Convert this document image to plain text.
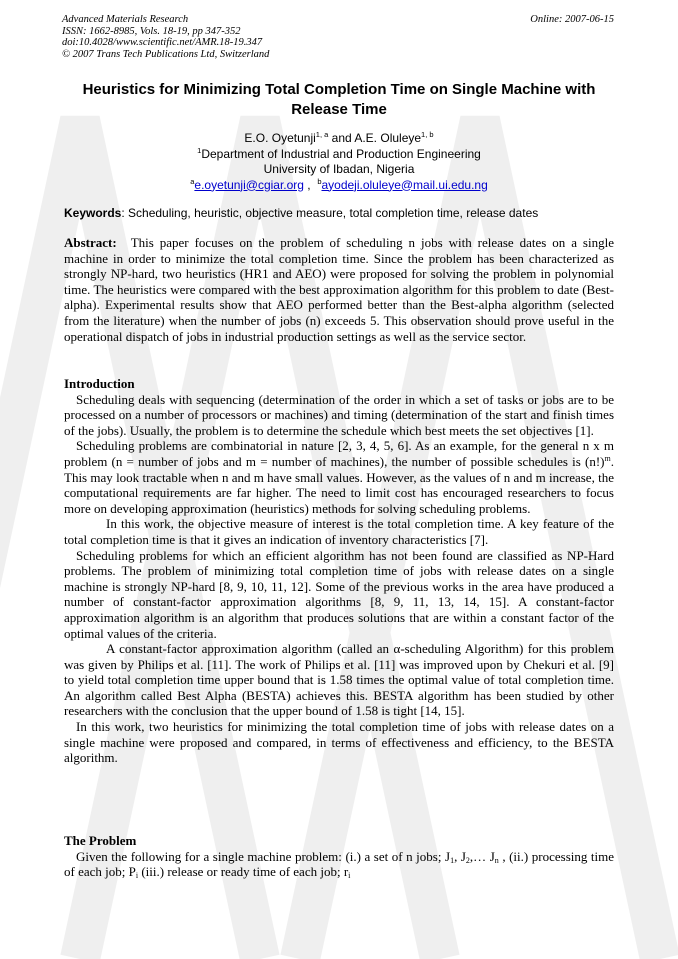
Advanced Materials Research
ISSN: 1662-8985, Vols. 18-19, pp 347-352
doi:10.4028/www.scientific.net/AMR.18-19.347
© 2007 Trans Tech Publications Ltd, Switzerland
Online: 2007-06-15
Heuristics for Minimizing Total Completion Time on Single Machine with
Release Time
E.O. Oyetunji$^{1, a}$ and A.E. Oluleye$^{1, b}$
$^1$Department of Industrial and Production Engineering
University of Ibadan, Nigeria
$^a$e.oyetunji@cgiar.org ,  $^b$ayodeji.oluleye@mail.ui.edu.ng
Keywords: Scheduling, heuristic, objective measure, total completion time, release dates

Abstract: This paper focuses on the problem of scheduling n jobs with release dates on a single machine in order to minimize the total completion time. Since the problem has been characterized as strongly NP-hard, two heuristics (HR1 and AEO) were proposed for solving the problem in polynomial time. The heuristics were compared with the best approximation algorithm for this problem to date (Best-alpha). Experimental results show that AEO performed better than the Best-alpha algorithm (selected from the literature) when the number of jobs (n) exceeds 5. This observation should prove useful in the operational dispatch of jobs in industrial production settings as well as the service sector.

Introduction

Scheduling deals with sequencing (determination of the order in which a set of tasks or jobs are to be processed on a number of processors or machines) and timing (determination of the start and finish times of the jobs). Usually, the problem is to determine the schedule which best meets the set objectives [1].

Scheduling problems are combinatorial in nature [2, 3, 4, 5, 6]. As an example, for the general n x m problem (n = number of jobs and m = number of machines), the number of possible schedules is $(n!)^m$. This may look tractable when n and m have small values. However, as the values of n and m increase, the computational requirements are far higher. The need to limit cost has encouraged researchers to focus more on developing approximation (heuristics) methods for solving scheduling problems.

In this work, the objective measure of interest is the total completion time. A key feature of the total completion time is that it gives an indication of inventory characteristics [7].

Scheduling problems for which an efficient algorithm has not been found are classified as NP-Hard problems. The problem of minimizing total completion time of jobs with release dates on a single machine is strongly NP-hard [8, 9, 10, 11, 12]. Some of the previous works in the area have produced a number of constant-factor approximation algorithms [8, 9, 11, 13, 14, 15]. A constant-factor approximation algorithm is an algorithm that produces solutions that are within a constant factor of the optimal values of the criteria.

A constant-factor approximation algorithm (called an α-scheduling Algorithm) for this problem was given by Philips et al. [11]. The work of Philips et al. [11] was improved upon by Chekuri et al. [9] to yield total completion time upper bound that is 1.58 times the optimal value of total completion time. An algorithm called Best Alpha (BESTA) achieves this. BESTA algorithm has been studied by other researchers with the conclusion that the upper bound of 1.58 is tight [14, 15].

In this work, two heuristics for minimizing the total completion time of jobs with release dates on a single machine were proposed and compared, in terms of effectiveness and efficiency, to the BESTA algorithm.

The Problem

Given the following for a single machine problem: (i.) a set of n jobs; $J_1$, $J_2,\dots$ $J_n$ , (ii.) processing time of each job; $P_i$ (iii.) release or ready time of each job; $r_i$
